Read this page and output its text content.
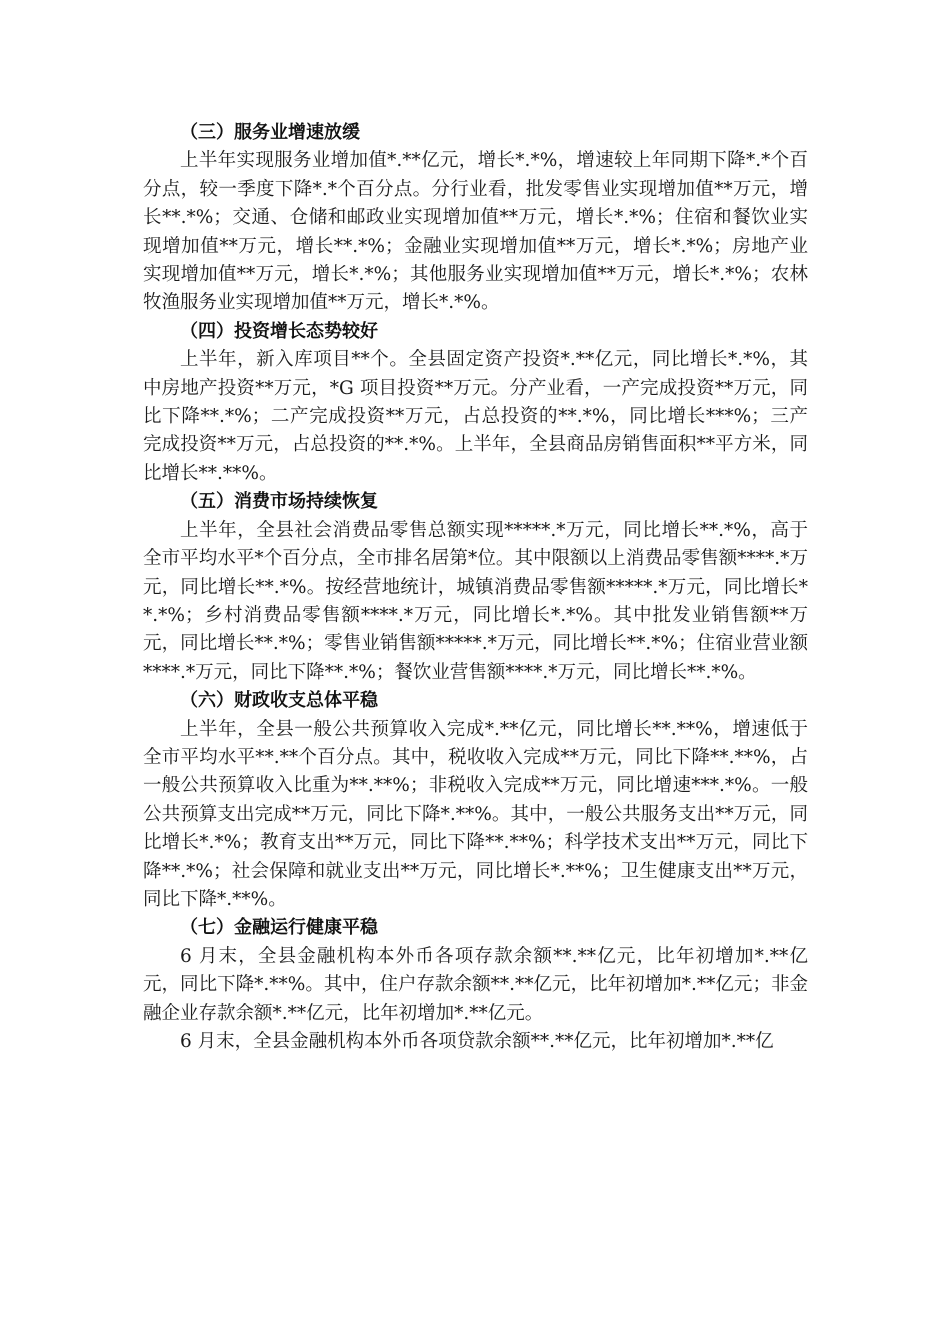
（三）服务业增速放缓

上半年实现服务业增加值*.**亿元，增长*.*%，增速较上年同期下降*.*个百分点，较一季度下降*.*个百分点。分行业看，批发零售业实现增加值**万元，增长**.*%；交通、仓储和邮政业实现增加值**万元，增长*.*%；住宿和餐饮业实现增加值**万元，增长**.*%；金融业实现增加值**万元，增长*.*%；房地产业实现增加值**万元，增长*.*%；其他服务业实现增加值**万元，增长*.*%；农林牧渔服务业实现增加值**万元，增长*.*%。

（四）投资增长态势较好

上半年，新入库项目**个。全县固定资产投资*.**亿元，同比增长*.*%，其中房地产投资**万元，*G 项目投资**万元。分产业看，一产完成投资**万元，同比下降**.*%；二产完成投资**万元，占总投资的**.*%，同比增长***%；三产完成投资**万元，占总投资的**.*%。上半年，全县商品房销售面积**平方米，同比增长**.**%。

（五）消费市场持续恢复

上半年，全县社会消费品零售总额实现*****.*万元，同比增长**.*%，高于全市平均水平*个百分点，全市排名居第*位。其中限额以上消费品零售额****.*万元，同比增长**.*%。按经营地统计，城镇消费品零售额*****.*万元，同比增长**.*%；乡村消费品零售额****.*万元，同比增长*.*%。其中批发业销售额**万元，同比增长**.*%；零售业销售额*****.*万元，同比增长**.*%；住宿业营业额****.*万元，同比下降**.*%；餐饮业营售额****.*万元，同比增长**.*%。

（六）财政收支总体平稳

上半年，全县一般公共预算收入完成*.**亿元，同比增长**.**%，增速低于全市平均水平**.**个百分点。其中，税收收入完成**万元，同比下降**.**%，占一般公共预算收入比重为**.**%；非税收入完成**万元，同比增速***.*%。一般公共预算支出完成**万元，同比下降*.**%。其中，一般公共服务支出**万元，同比增长*.*%；教育支出**万元，同比下降**.**%；科学技术支出**万元，同比下降**.*%；社会保障和就业支出**万元，同比增长*.**%；卫生健康支出**万元，同比下降*.**%。

（七）金融运行健康平稳

6 月末，全县金融机构本外币各项存款余额**.**亿元，比年初增加*.**亿元，同比下降*.**%。其中，住户存款余额**.**亿元，比年初增加*.**亿元；非金融企业存款余额*.**亿元，比年初增加*.**亿元。

6 月末，全县金融机构本外币各项贷款余额**.**亿元，比年初增加*.**亿
